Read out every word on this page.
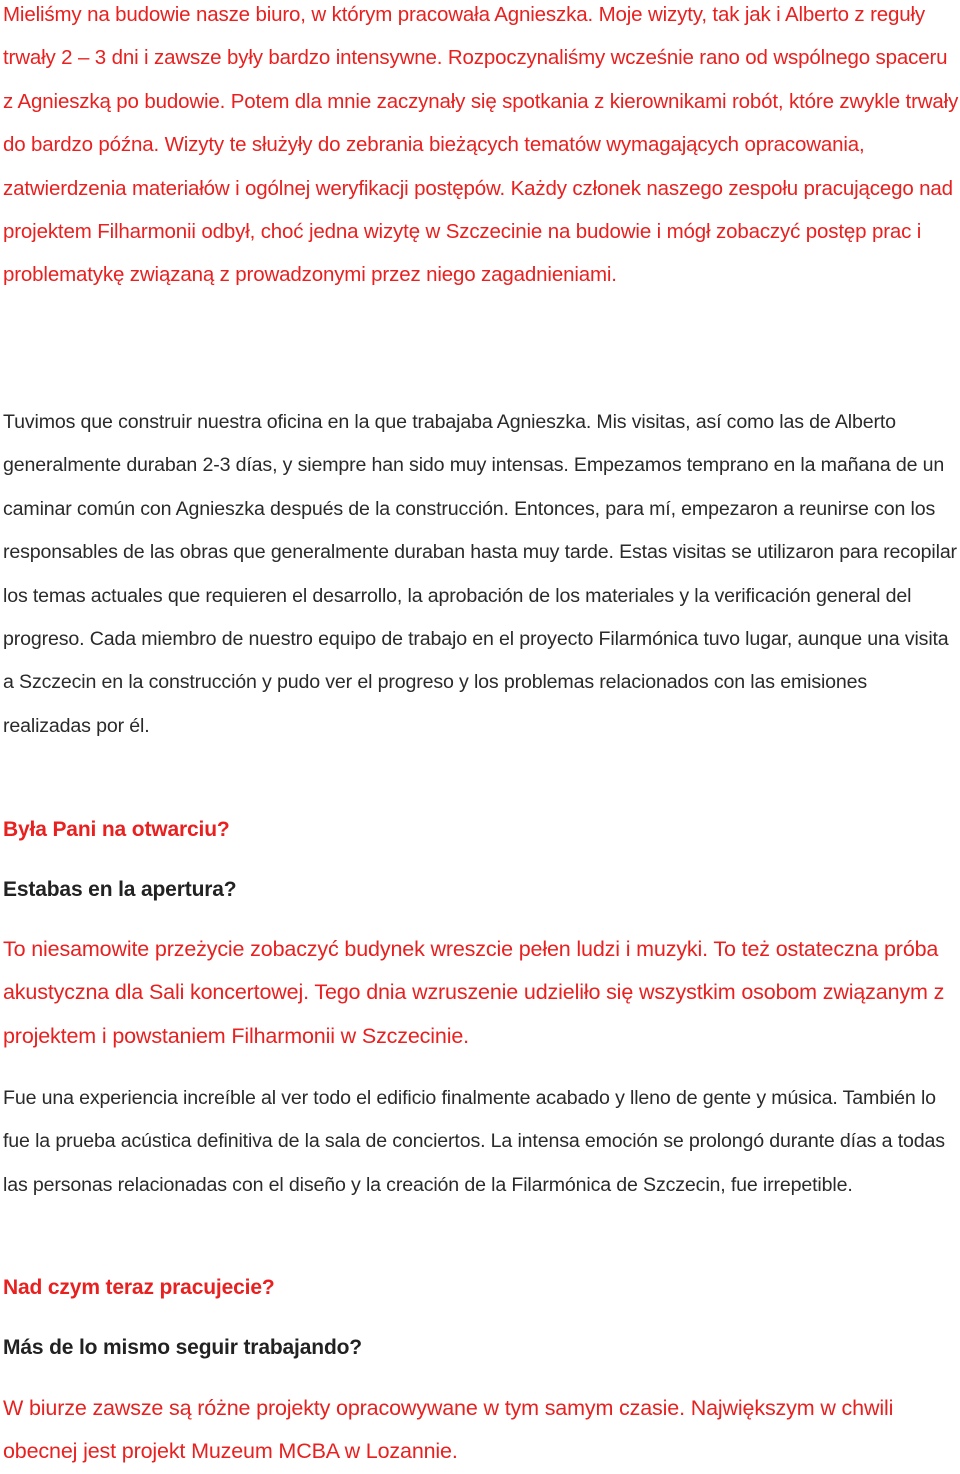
Mieliśmy na budowie nasze biuro, w którym pracowała Agnieszka. Moje wizyty, tak jak i Alberto z reguły trwały 2 – 3 dni i zawsze były bardzo intensywne. Rozpoczynaliśmy wcześnie rano od wspólnego spaceru z Agnieszką po budowie. Potem dla mnie zaczynały się spotkania z kierownikami robót, które zwykle trwały do bardzo późna. Wizyty te służyły do zebrania bieżących tematów wymagających opracowania, zatwierdzenia materiałów i ogólnej weryfikacji postępów. Każdy członek naszego zespołu pracującego nad projektem Filharmonii odbył, choć jedna wizytę w Szczecinie na budowie i mógł zobaczyć postęp prac i problematykę związaną z prowadzonymi przez niego zagadnieniami.

Tuvimos que construir nuestra oficina en la que trabajaba Agnieszka. Mis visitas, así como las de Alberto generalmente duraban 2-3 días, y siempre han sido muy intensas. Empezamos temprano en la mañana de un caminar común con Agnieszka después de la construcción. Entonces, para mí, empezaron a reunirse con los responsables de las obras que generalmente duraban hasta muy tarde. Estas visitas se utilizaron para recopilar los temas actuales que requieren el desarrollo, la aprobación de los materiales y la verificación general del progreso. Cada miembro de nuestro equipo de trabajo en el proyecto Filarmónica tuvo lugar, aunque una visita a Szczecin en la construcción y pudo ver el progreso y los problemas relacionados con las emisiones realizadas por él.

Była Pani na otwarciu?

Estabas en la apertura?

To niesamowite przeżycie zobaczyć budynek wreszcie pełen ludzi i muzyki. To też ostateczna próba akustyczna dla Sali koncertowej. Tego dnia wzruszenie udzieliło się wszystkim osobom związanym z projektem i powstaniem Filharmonii w Szczecinie.

Fue una experiencia increíble al ver todo el edificio finalmente acabado y lleno de gente y música. También lo fue la prueba acústica definitiva de la sala de conciertos. La intensa emoción se prolongó durante días a todas las personas relacionadas con el diseño y la creación de la Filarmónica de Szczecin, fue irrepetible.

Nad czym teraz pracujecie?

Más de lo mismo seguir trabajando?

W biurze zawsze są różne projekty opracowywane w tym samym czasie. Największym w chwili obecnej jest projekt Muzeum MCBA w Lozannie.
